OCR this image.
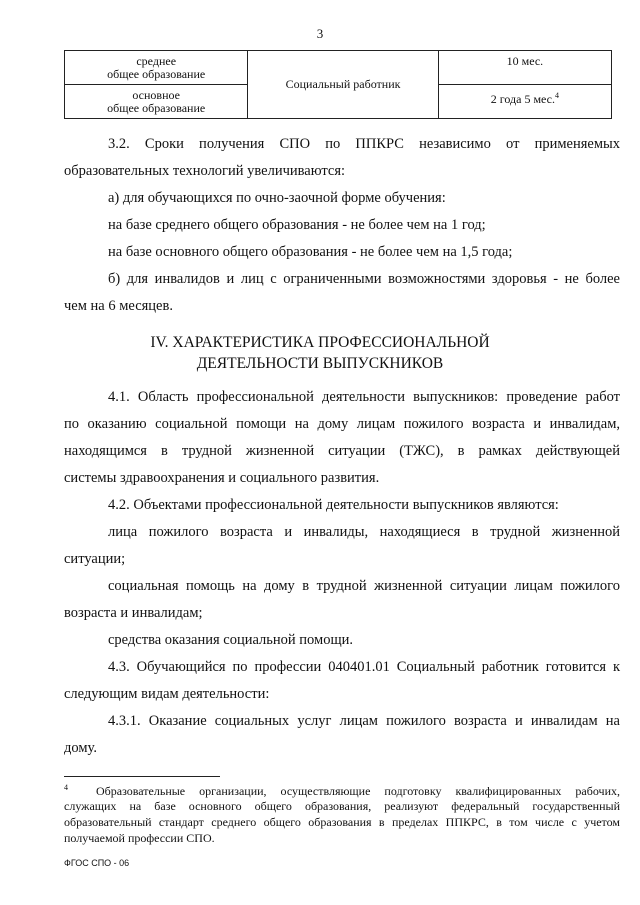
3
среднее
общее образование	Социальный работник	10 мес.

основное
общее образование		2 года 5 мес.$^4$
3.2. Сроки получения СПО по ППКРС независимо от применяемых
образовательных технологий увеличиваются:
а) для обучающихся по очно-заочной форме обучения:
на базе среднего общего образования - не более чем на 1 год;
на базе основного общего образования - не более чем на 1,5 года;
б) для инвалидов и лиц с ограниченными возможностями здоровья - не более
чем на 6 месяцев.
IV. ХАРАКТЕРИСТИКА ПРОФЕССИОНАЛЬНОЙ
ДЕЯТЕЛЬНОСТИ ВЫПУСКНИКОВ
4.1. Область профессиональной деятельности выпускников: проведение работ
по оказанию социальной помощи на дому лицам пожилого возраста и инвалидам,
находящимся в трудной жизненной ситуации (ТЖС), в рамках действующей
системы здравоохранения и социального развития.
4.2. Объектами профессиональной деятельности выпускников являются:
лица пожилого возраста и инвалиды, находящиеся в трудной жизненной
ситуации;
социальная помощь на дому в трудной жизненной ситуации лицам пожилого
возраста и инвалидам;
средства оказания социальной помощи.
4.3. Обучающийся по профессии 040401.01 Социальный работник готовится к
следующим видам деятельности:
4.3.1. Оказание социальных услуг лицам пожилого возраста и инвалидам на
дому.
$^4$ Образовательные организации, осуществляющие подготовку квалифицированных рабочих,
служащих на базе основного общего образования, реализуют федеральный государственный
образовательный стандарт среднего общего образования в пределах ППКРС, в том числе с учетом
получаемой профессии СПО.
ФГОС СПО - 06
